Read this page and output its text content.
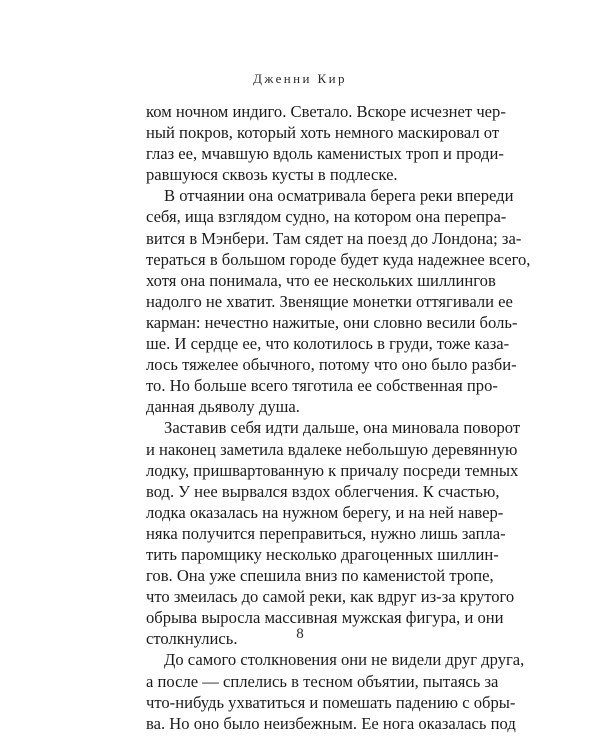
Дженни Кир
ком ночном индиго. Светало. Вскоре исчезнет чер-
ный покров, который хоть немного маскировал от
глаз ее, мчавшую вдоль каменистых троп и проди-
равшуюся сквозь кусты в подлеске.
В отчаянии она осматривала берега реки впереди
себя, ища взглядом судно, на котором она перепра-
вится в Мэнбери. Там сядет на поезд до Лондона; за-
тераться в большом городе будет куда надежнее всего,
хотя она понимала, что ее нескольких шиллингов
надолго не хватит. Звенящие монетки оттягивали ее
карман: нечестно нажитые, они словно весили боль-
ше. И сердце ее, что колотилось в груди, тоже каза-
лось тяжелее обычного, потому что оно было разби-
то. Но больше всего тяготила ее собственная про-
данная дьяволу душа.
Заставив себя идти дальше, она миновала поворот
и наконец заметила вдалеке небольшую деревянную
лодку, пришвартованную к причалу посреди темных
вод. У нее вырвался вздох облегчения. К счастью,
лодка оказалась на нужном берегу, и на ней навер-
няка получится переправиться, нужно лишь запла-
тить паромщику несколько драгоценных шиллин-
гов. Она уже спешила вниз по каменистой тропе,
что змеилась до самой реки, как вдруг из-за крутого
обрыва выросла массивная мужская фигура, и они
столкнулись.
До самого столкновения они не видели друг друга,
а после — сплелись в тесном объятии, пытаясь за
что-нибудь ухватиться и помешать падению с обры-
ва. Но оно было неизбежным. Ее нога оказалась под
8
